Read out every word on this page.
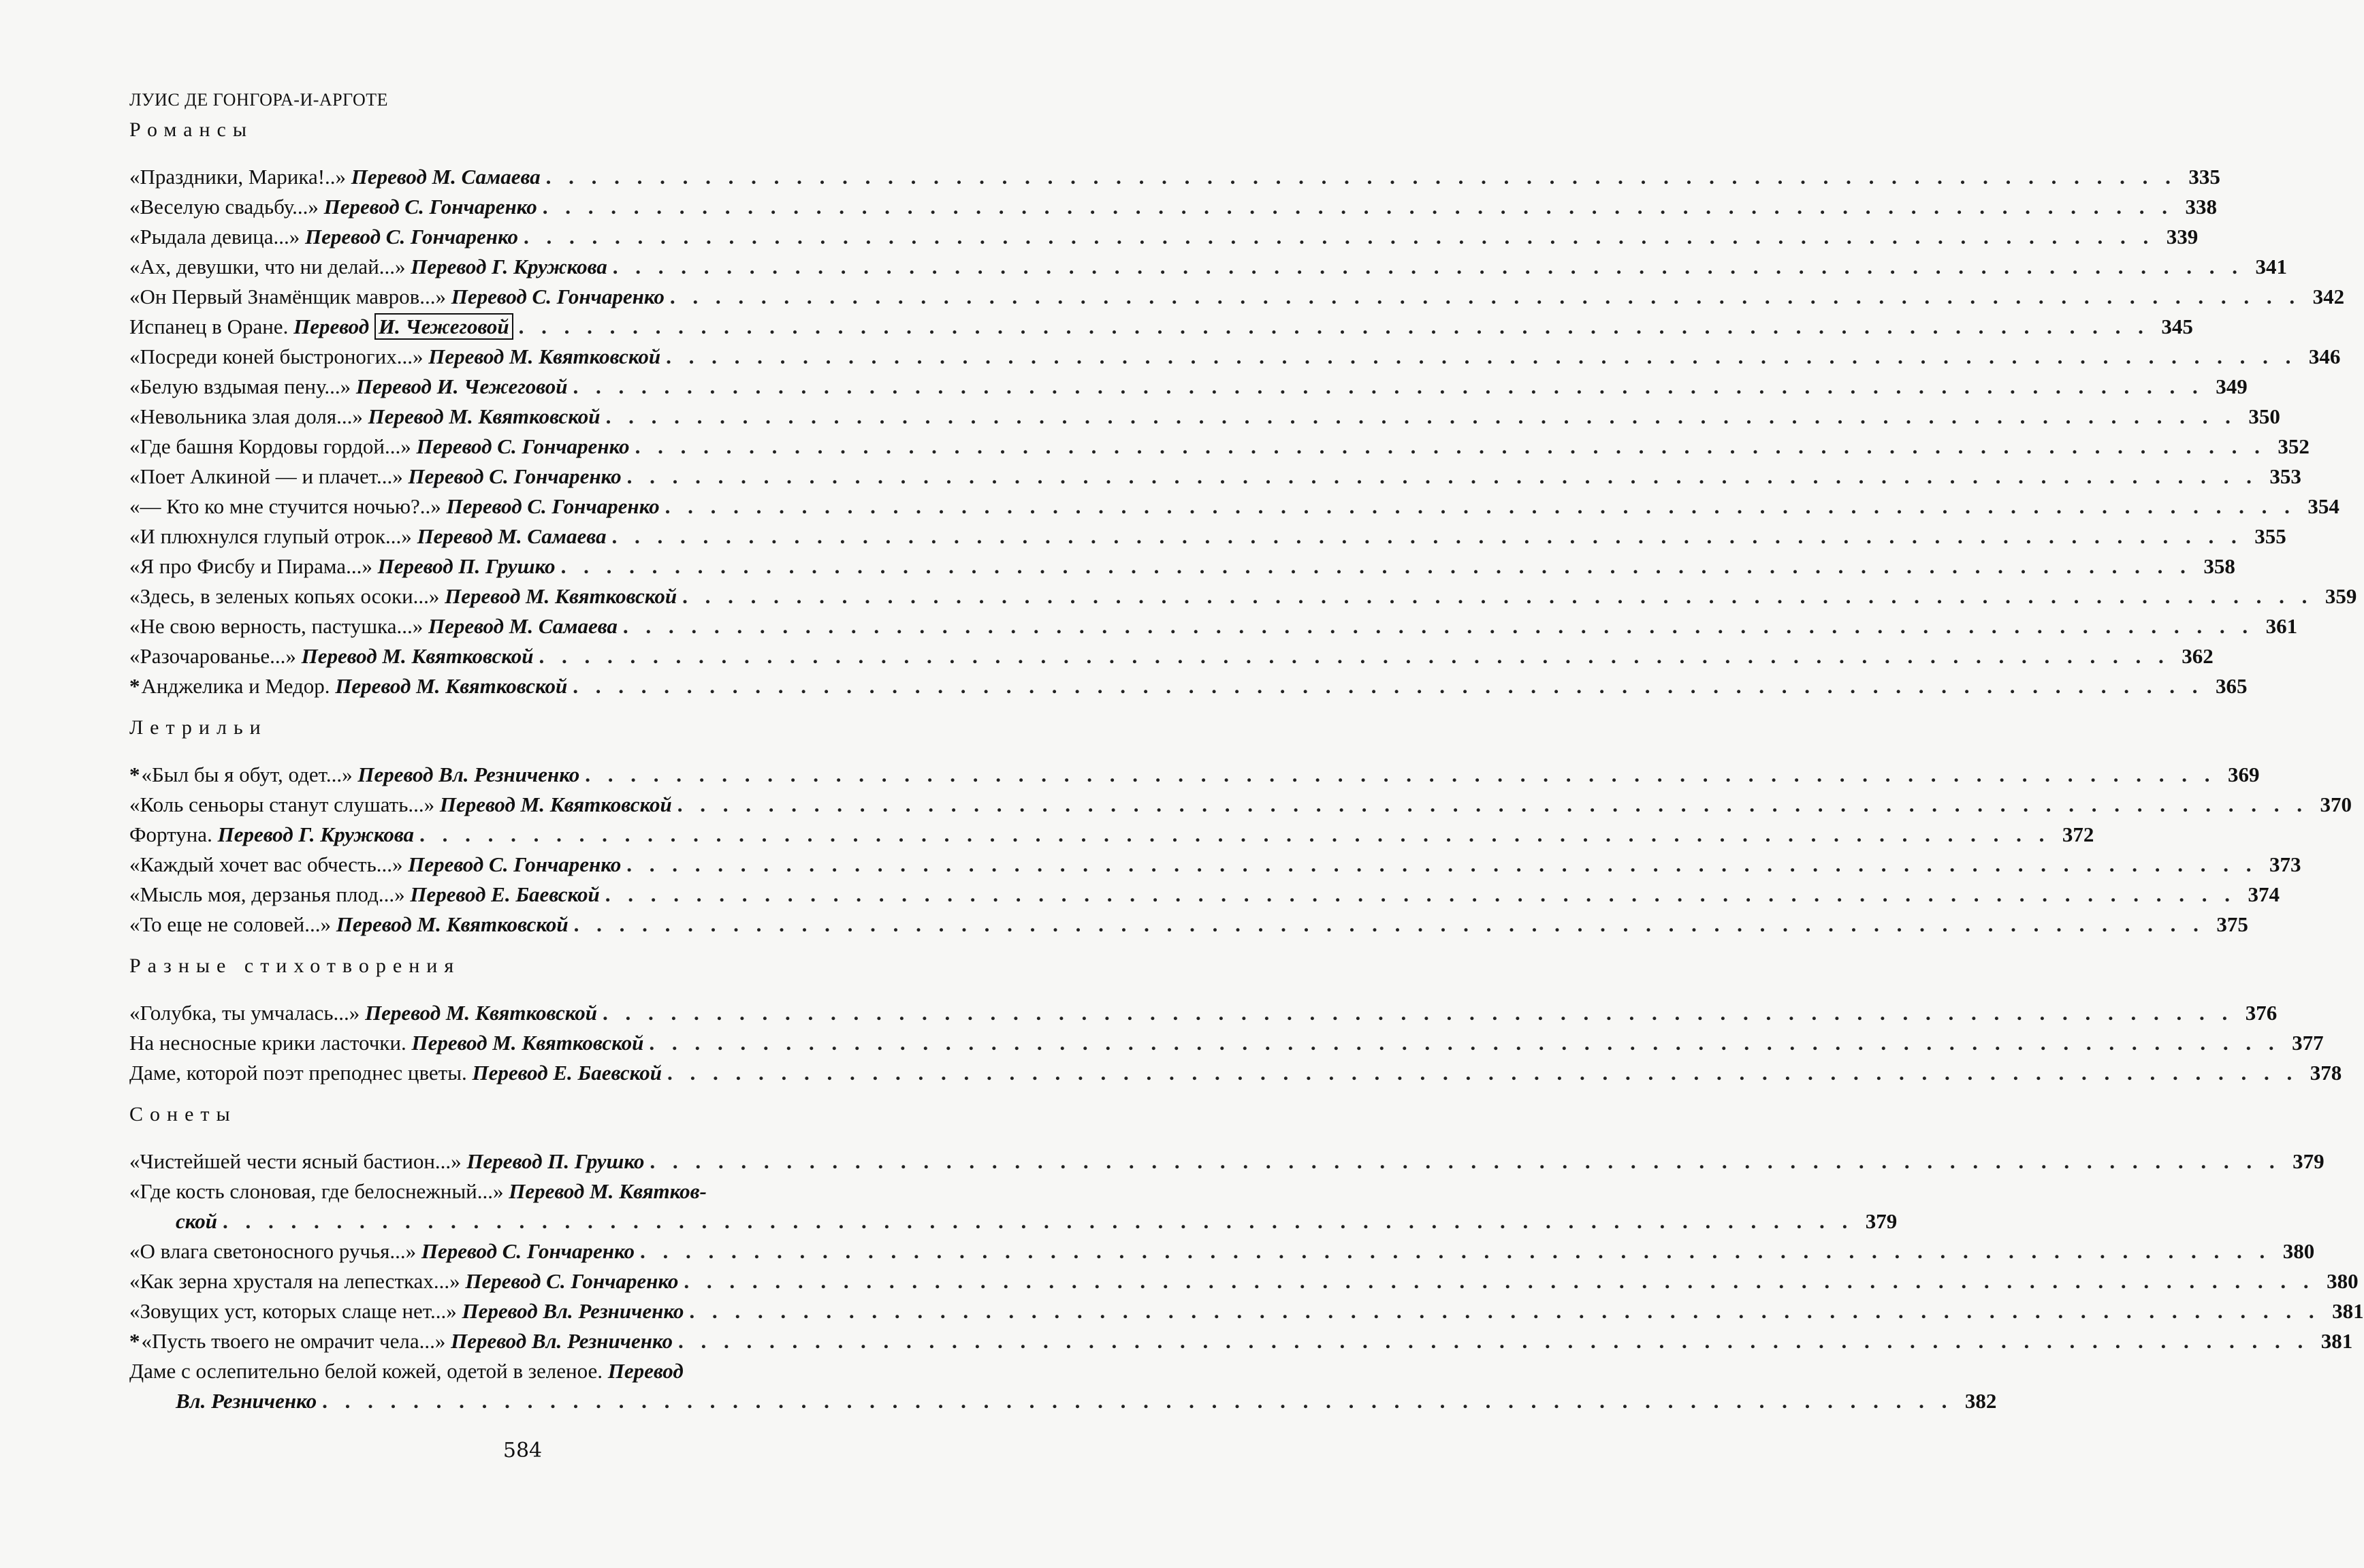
ЛУИС ДЕ ГОНГОРА-И-АРГОТЕ
Романсы
«Праздники, Марика!..» Перевод М. Самаева . . .	335
«Веселую свадьбу...» Перевод С. Гончаренко . . .	338
«Рыдала девица...» Перевод С. Гончаренко . . .	339
«Ах, девушки, что ни делай...» Перевод Г. Кружкова . . .	341
«Он Первый Знамёнщик мавров...» Перевод С. Гончаренко . . .	342
Испанец в Оране. Перевод И. Чежеговой . . .	345
«Посреди коней быстроногих...» Перевод М. Квятковской . . .	346
«Белую вздымая пену...» Перевод И. Чежеговой . . .	349
«Невольника злая доля...» Перевод М. Квятковской . . .	350
«Где башня Кордовы гордой...» Перевод С. Гончаренко . . .	352
«Поет Алкиной — и плачет...» Перевод С. Гончаренко . . .	353
«— Кто ко мне стучится ночью?..» Перевод С. Гончаренко . . .	354
«И плюхнулся глупый отрок...» Перевод М. Самаева . . .	355
«Я про Фисбу и Пирама...» Перевод П. Грушко . . .	358
«Здесь, в зеленых копьях осоки...» Перевод М. Квятковской . . .	359
«Не свою верность, пастушка...» Перевод М. Самаева . . .	361
«Разочарованье...» Перевод М. Квятковской . . .	362
*Анджелика и Медор. Перевод М. Квятковской . . .	365
Летрильи
*«Был бы я обут, одет...» Перевод Вл. Резниченко . . .	369
«Коль сеньоры станут слушать...» Перевод М. Квятковской . . .	370
Фортуна. Перевод Г. Кружкова . . .	372
«Каждый хочет вас обчесть...» Перевод С. Гончаренко . . .	373
«Мысль моя, дерзанья плод...» Перевод Е. Баевской . . .	374
«То еще не соловей...» Перевод М. Квятковской . . .	375
Разные стихотворения
«Голубка, ты умчалась...» Перевод М. Квятковской . . .	376
На несносные крики ласточки. Перевод М. Квятковской . . .	377
Даме, которой поэт преподнес цветы. Перевод Е. Баевской . . .	378
Сонеты
«Чистейшей чести ясный бастион...» Перевод П. Грушко . . .	379
«Где кость слоновая, где белоснежный...» Перевод М. Квятков-
ской . . .	379
«О влага светоносного ручья...» Перевод С. Гончаренко . . .	380
«Как зерна хрусталя на лепестках...» Перевод С. Гончаренко . . .	380
«Зовущих уст, которых слаще нет...» Перевод Вл. Резниченко . . .	381
*«Пусть твоего не омрачит чела...» Перевод Вл. Резниченко . . .	381
Даме с ослепительно белой кожей, одетой в зеленое. Перевод
Вл. Резниченко . . .	382
584
